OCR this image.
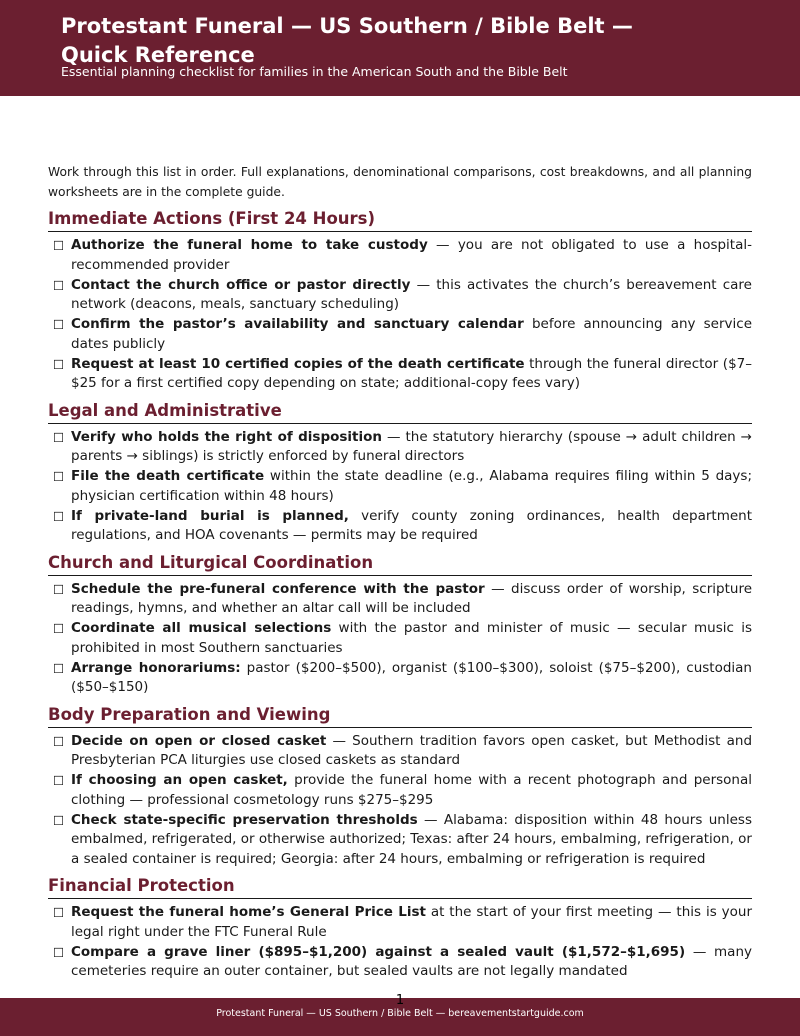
Protestant Funeral — US Southern / Bible Belt — Quick Reference
Essential planning checklist for families in the American South and the Bible Belt

Work through this list in order. Full explanations, denominational comparisons, cost breakdowns, and all planning worksheets are in the complete guide.

Immediate Actions (First 24 Hours)
☐ Authorize the funeral home to take custody — you are not obligated to use a hospital-recommended provider
☐ Contact the church office or pastor directly — this activates the church’s bereavement care network (deacons, meals, sanctuary scheduling)
☐ Confirm the pastor’s availability and sanctuary calendar before announcing any service dates publicly
☐ Request at least 10 certified copies of the death certificate through the funeral director ($7–$25 for a first certified copy depending on state; additional-copy fees vary)
Legal and Administrative
☐ Verify who holds the right of disposition — the statutory hierarchy (spouse → adult children → parents → siblings) is strictly enforced by funeral directors
☐ File the death certificate within the state deadline (e.g., Alabama requires filing within 5 days; physician certification within 48 hours)
☐ If private-land burial is planned, verify county zoning ordinances, health department regulations, and HOA covenants — permits may be required
Church and Liturgical Coordination
☐ Schedule the pre-funeral conference with the pastor — discuss order of worship, scripture readings, hymns, and whether an altar call will be included
☐ Coordinate all musical selections with the pastor and minister of music — secular music is prohibited in most Southern sanctuaries
☐ Arrange honorariums: pastor ($200–$500), organist ($100–$300), soloist ($75–$200), custodian ($50–$150)
Body Preparation and Viewing
☐ Decide on open or closed casket — Southern tradition favors open casket, but Methodist and Presbyterian PCA liturgies use closed caskets as standard
☐ If choosing an open casket, provide the funeral home with a recent photograph and personal clothing — professional cosmetology runs $275–$295
☐ Check state-specific preservation thresholds — Alabama: disposition within 48 hours unless embalmed, refrigerated, or otherwise authorized; Texas: after 24 hours, embalming, refrigeration, or a sealed container is required; Georgia: after 24 hours, embalming or refrigeration is required
Financial Protection
☐ Request the funeral home’s General Price List at the start of your first meeting — this is your legal right under the FTC Funeral Rule
☐ Compare a grave liner ($895–$1,200) against a sealed vault ($1,572–$1,695) — many cemeteries require an outer container, but sealed vaults are not legally mandated
1
Protestant Funeral — US Southern / Bible Belt — bereavementstartguide.com
